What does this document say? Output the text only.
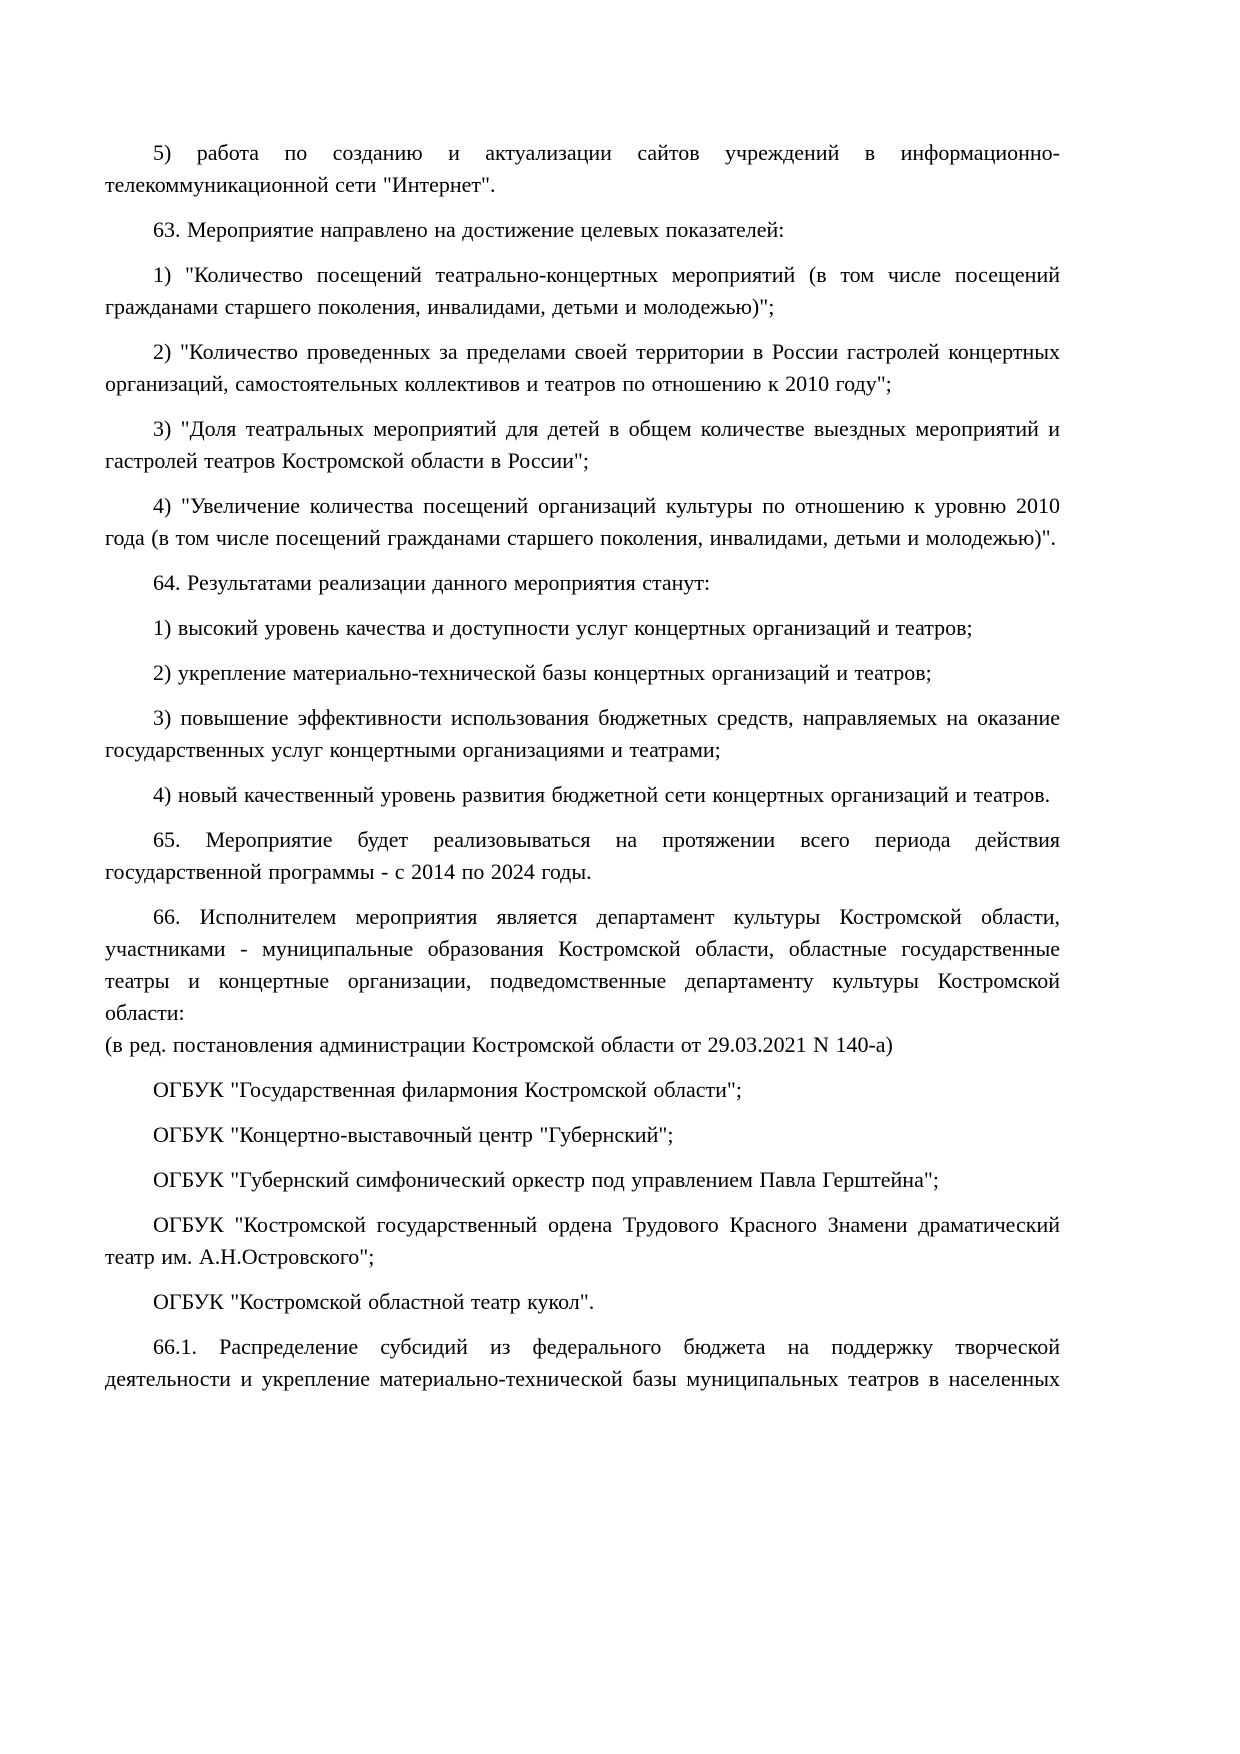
5) работа по созданию и актуализации сайтов учреждений в информационно-телекоммуникационной сети "Интернет".

63. Мероприятие направлено на достижение целевых показателей:

1) "Количество посещений театрально-концертных мероприятий (в том числе посещений гражданами старшего поколения, инвалидами, детьми и молодежью)";

2) "Количество проведенных за пределами своей территории в России гастролей концертных организаций, самостоятельных коллективов и театров по отношению к 2010 году";

3) "Доля театральных мероприятий для детей в общем количестве выездных мероприятий и гастролей театров Костромской области в России";

4) "Увеличение количества посещений организаций культуры по отношению к уровню 2010 года (в том числе посещений гражданами старшего поколения, инвалидами, детьми и молодежью)".

64. Результатами реализации данного мероприятия станут:

1) высокий уровень качества и доступности услуг концертных организаций и театров;

2) укрепление материально-технической базы концертных организаций и театров;

3) повышение эффективности использования бюджетных средств, направляемых на оказание государственных услуг концертными организациями и театрами;

4) новый качественный уровень развития бюджетной сети концертных организаций и театров.

65. Мероприятие будет реализовываться на протяжении всего периода действия государственной программы - с 2014 по 2024 годы.

66. Исполнителем мероприятия является департамент культуры Костромской области, участниками - муниципальные образования Костромской области, областные государственные театры и концертные организации, подведомственные департаменту культуры Костромской области:

(в ред. постановления администрации Костромской области от 29.03.2021 N 140-а)

ОГБУК "Государственная филармония Костромской области";

ОГБУК "Концертно-выставочный центр "Губернский";

ОГБУК "Губернский симфонический оркестр под управлением Павла Герштейна";

ОГБУК "Костромской государственный ордена Трудового Красного Знамени драматический театр им. А.Н.Островского";

ОГБУК "Костромской областной театр кукол".

66.1. Распределение субсидий из федерального бюджета на поддержку творческой деятельности и укрепление материально-технической базы муниципальных театров в населенных
